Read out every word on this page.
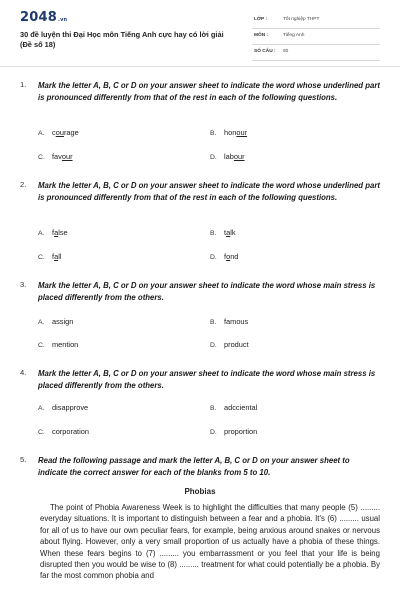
2048.vn
30 đề luyện thi Đại Học môn Tiếng Anh cực hay có lời giải (Đề số 18)
LỚP :	Tốt nghiệp THPT
MÔN :	Tiếng Anh
SỐ CÂU : 50
1. Mark the letter A, B, C or D on your answer sheet to indicate the word whose underlined part is pronounced differently from that of the rest in each of the following questions.
A. courage	B. honour
C. favour	D. labour
2. Mark the letter A, B, C or D on your answer sheet to indicate the word whose underlined part is pronounced differently from that of the rest in each of the following questions.
A. false	B. talk
C. fall	D. fond
3. Mark the letter A, B, C or D on your answer sheet to indicate the word whose main stress is placed differently from the others.
A. assign	B. famous
C. mention	D. product
4. Mark the letter A, B, C or D on your answer sheet to indicate the word whose main stress is placed differently from the others.
A. disapprove	B. adcciental
C. corporation	D. proportion
5. Read the following passage and mark the letter A, B, C or D on your answer sheet to indicate the correct answer for each of the blanks from 5 to 10.
Phobias
The point of Phobia Awareness Week is to highlight the difficulties that many people (5) ......... everyday situations. It is important to distinguish between a fear and a phobia. It's (6) ......... usual for all of us to have our own peculiar fears, for example, being anxious around snakes or nervous about flying. However, only a very small proportion of us actually have a phobia of these things. When these fears begins to (7) ......... you embarrassment or you feel that your life is being disrupted then you would be wise to (8) ......... treatment for what could potentially be a phobia. By far the most common phobia and
